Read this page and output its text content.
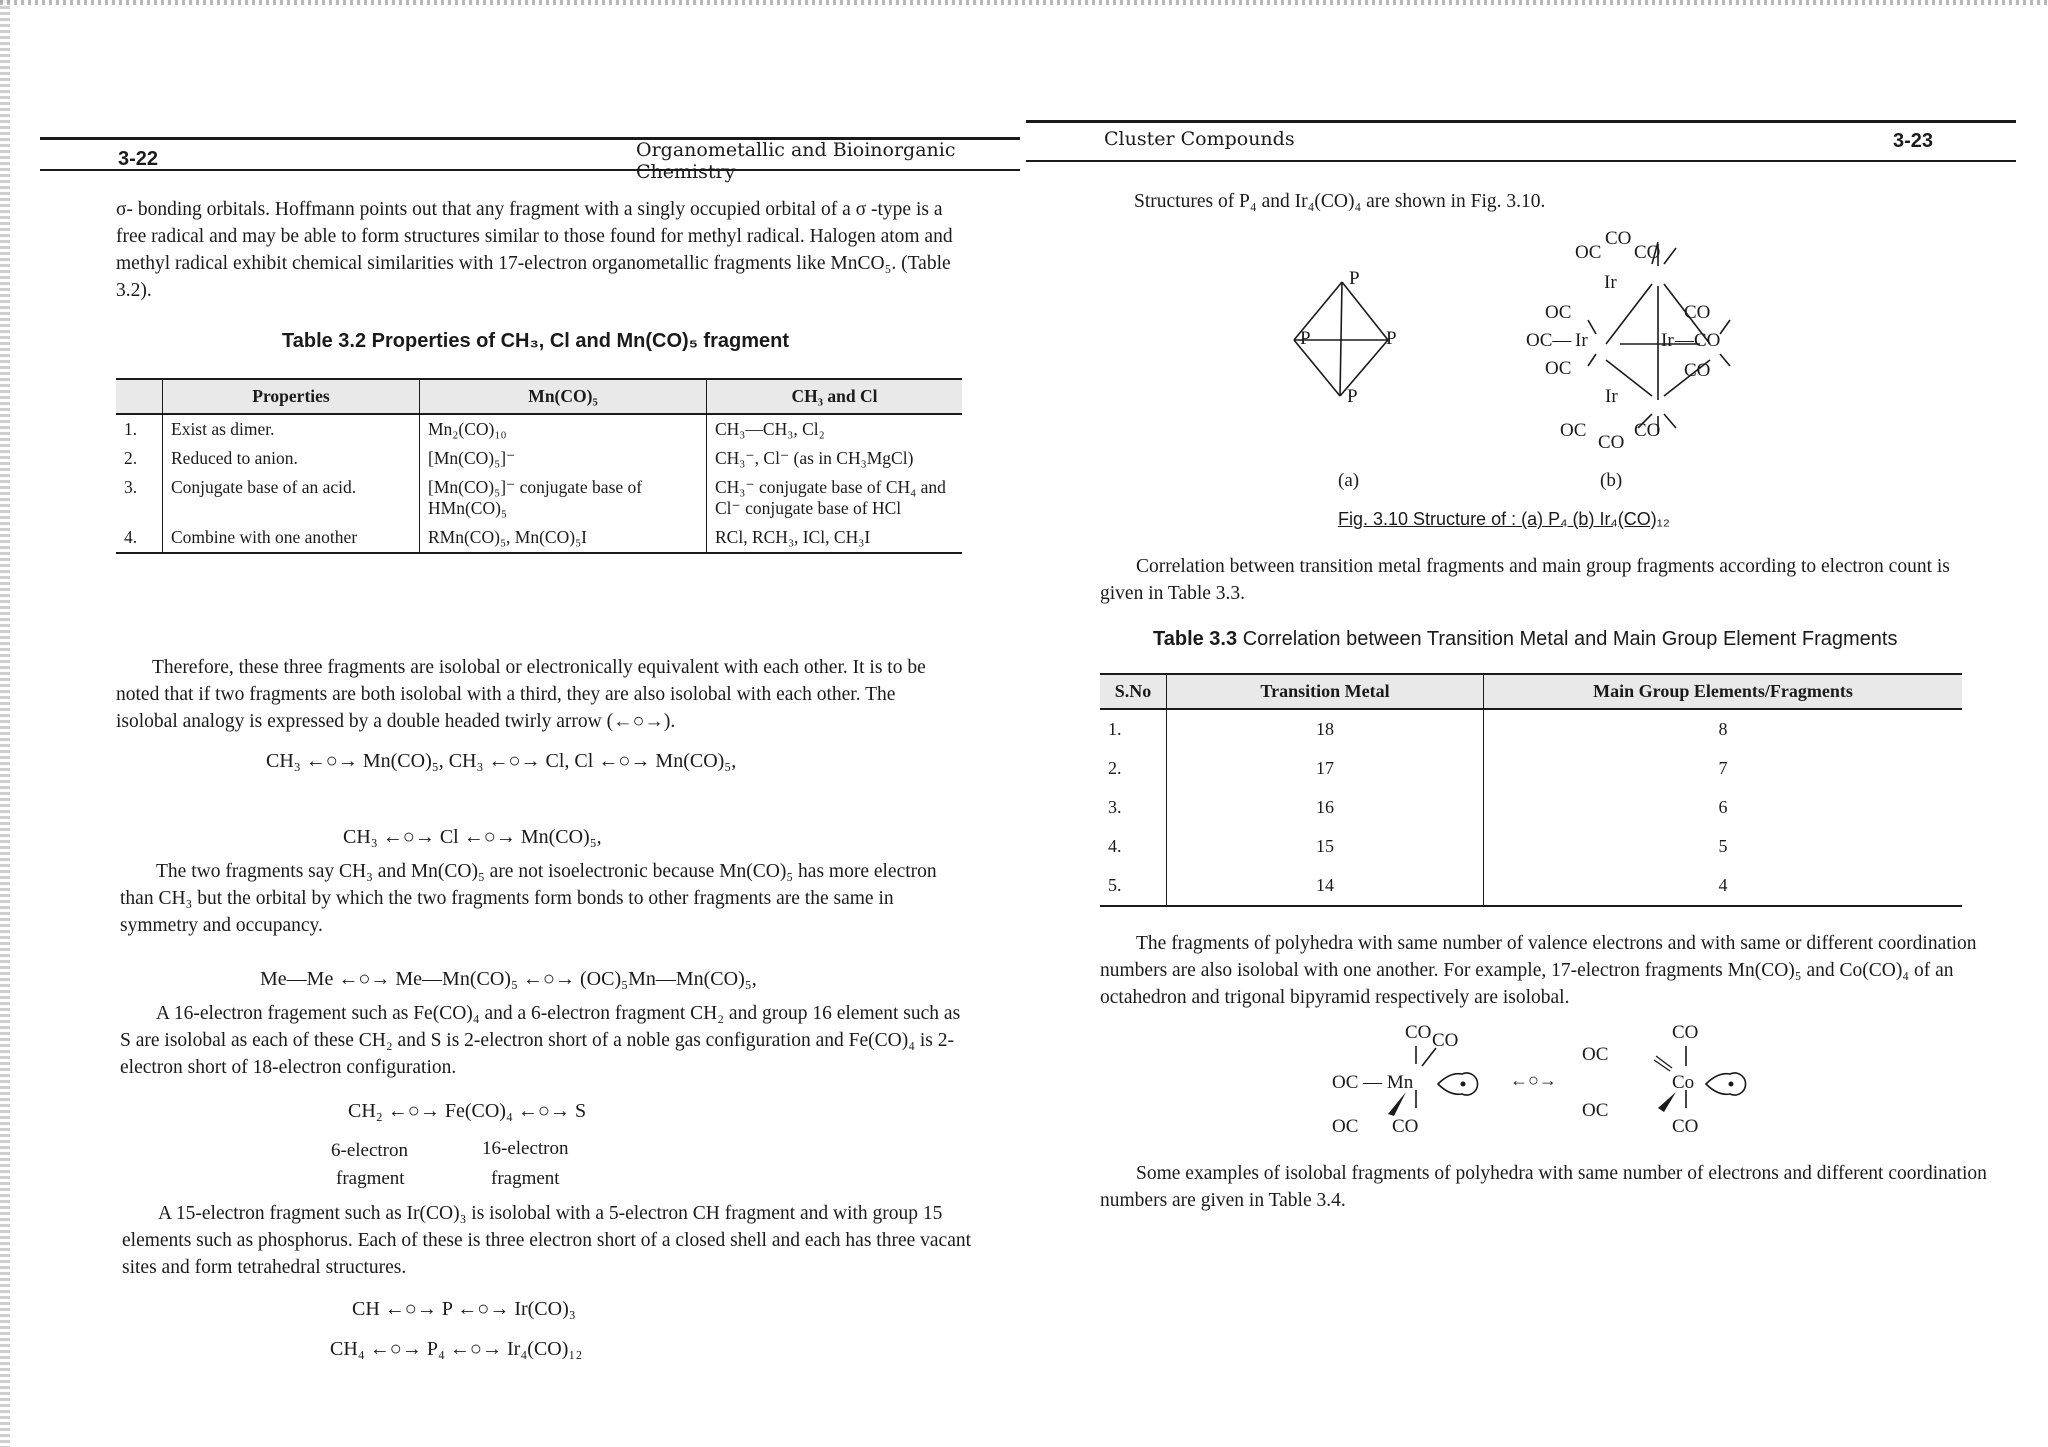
3-22	Organometallic and Bioinorganic Chemistry

σ- bonding orbitals. Hoffmann points out that any fragment with a singly occupied orbital of a σ -type is a free radical and may be able to form structures similar to those found for methyl radical. Halogen atom and methyl radical exhibit chemical similarities with 17-electron organometallic fragments like MnCO₅. (Table 3.2).

Table 3.2 Properties of CH₃, Cl and Mn(CO)₅ fragment
	Properties	Mn(CO)₅	CH₃ and Cl
1.	Exist as dimer.	Mn₂(CO)₁₀	CH₃—CH₃, Cl₂
2.	Reduced to anion.	[Mn(CO)₅]⁻	CH₃⁻, Cl⁻ (as in CH₃MgCl)
3.	Conjugate base of an acid.	[Mn(CO)₅]⁻ conjugate base of HMn(CO)₅	CH₃⁻ conjugate base of CH₄ and Cl⁻ conjugate base of HCl
4.	Combine with one another	RMn(CO)₅, Mn(CO)₅I	RCl, RCH₃, ICl, CH₃I

Therefore, these three fragments are isolobal or electronically equivalent with each other. It is to be noted that if two fragments are both isolobal with a third, they are also isolobal with each other. The isolobal analogy is expressed by a double headed twirly arrow (←○→).

CH₃ ←○→ Mn(CO)₅, CH₃ ←○→ Cl, Cl ←○→ Mn(CO)₅,
CH₃ ←○→ Cl ←○→ Mn(CO)₅,

The two fragments say CH₃ and Mn(CO)₅ are not isoelectronic because Mn(CO)₅ has more electron than CH₃ but the orbital by which the two fragments form bonds to other fragments are the same in symmetry and occupancy.

Me—Me ←○→ Me—Mn(CO)₅ ←○→ (OC)₅Mn—Mn(CO)₅,

A 16-electron fragement such as Fe(CO)₄ and a 6-electron fragment CH₂ and group 16 element such as S are isolobal as each of these CH₂ and S is 2-electron short of a noble gas configuration and Fe(CO)₄ is 2-electron short of 18-electron configuration.

CH₂ ←○→ Fe(CO)₄ ←○→ S
6-electron	16-electron
fragment	fragment

A 15-electron fragment such as Ir(CO)₃ is isolobal with a 5-electron CH fragment and with group 15 elements such as phosphorus. Each of these is three electron short of a closed shell and each has three vacant sites and form tetrahedral structures.

CH ←○→ P ←○→ Ir(CO)₃
CH₄ ←○→ P₄ ←○→ Ir₄(CO)₁₂
Cluster Compounds	3-23

Structures of P₄ and Ir₄(CO)₄ are shown in Fig. 3.10.

P
P	P
P
CO
OC CO
Ir
OC
OC— Ir
OC
Ir
CO
—CO
CO
Ir
OC	CO
CO
(a)	(b)
Fig. 3.10 Structure of : (a) P₄ (b) Ir₄(CO)₁₂

Correlation between transition metal fragments and main group fragments according to electron count is given in Table 3.3.

Table 3.3 Correlation between Transition Metal and Main Group Element Fragments
S.No	Transition Metal	Main Group Elements/Fragments
1.	18	8
2.	17	7
3.	16	6
4.	15	5
5.	14	4

The fragments of polyhedra with same number of valence electrons and with same or different coordination numbers are also isolobal with one another. For example, 17-electron fragments Mn(CO)₅ and Co(CO)₄ of an octahedron and trigonal bipyramid respectively are isolobal.

CO CO
OC — Mn
OC CO
←○→
CO
OC
Co
OC
CO

Some examples of isolobal fragments of polyhedra with same number of electrons and different coordination numbers are given in Table 3.4.
